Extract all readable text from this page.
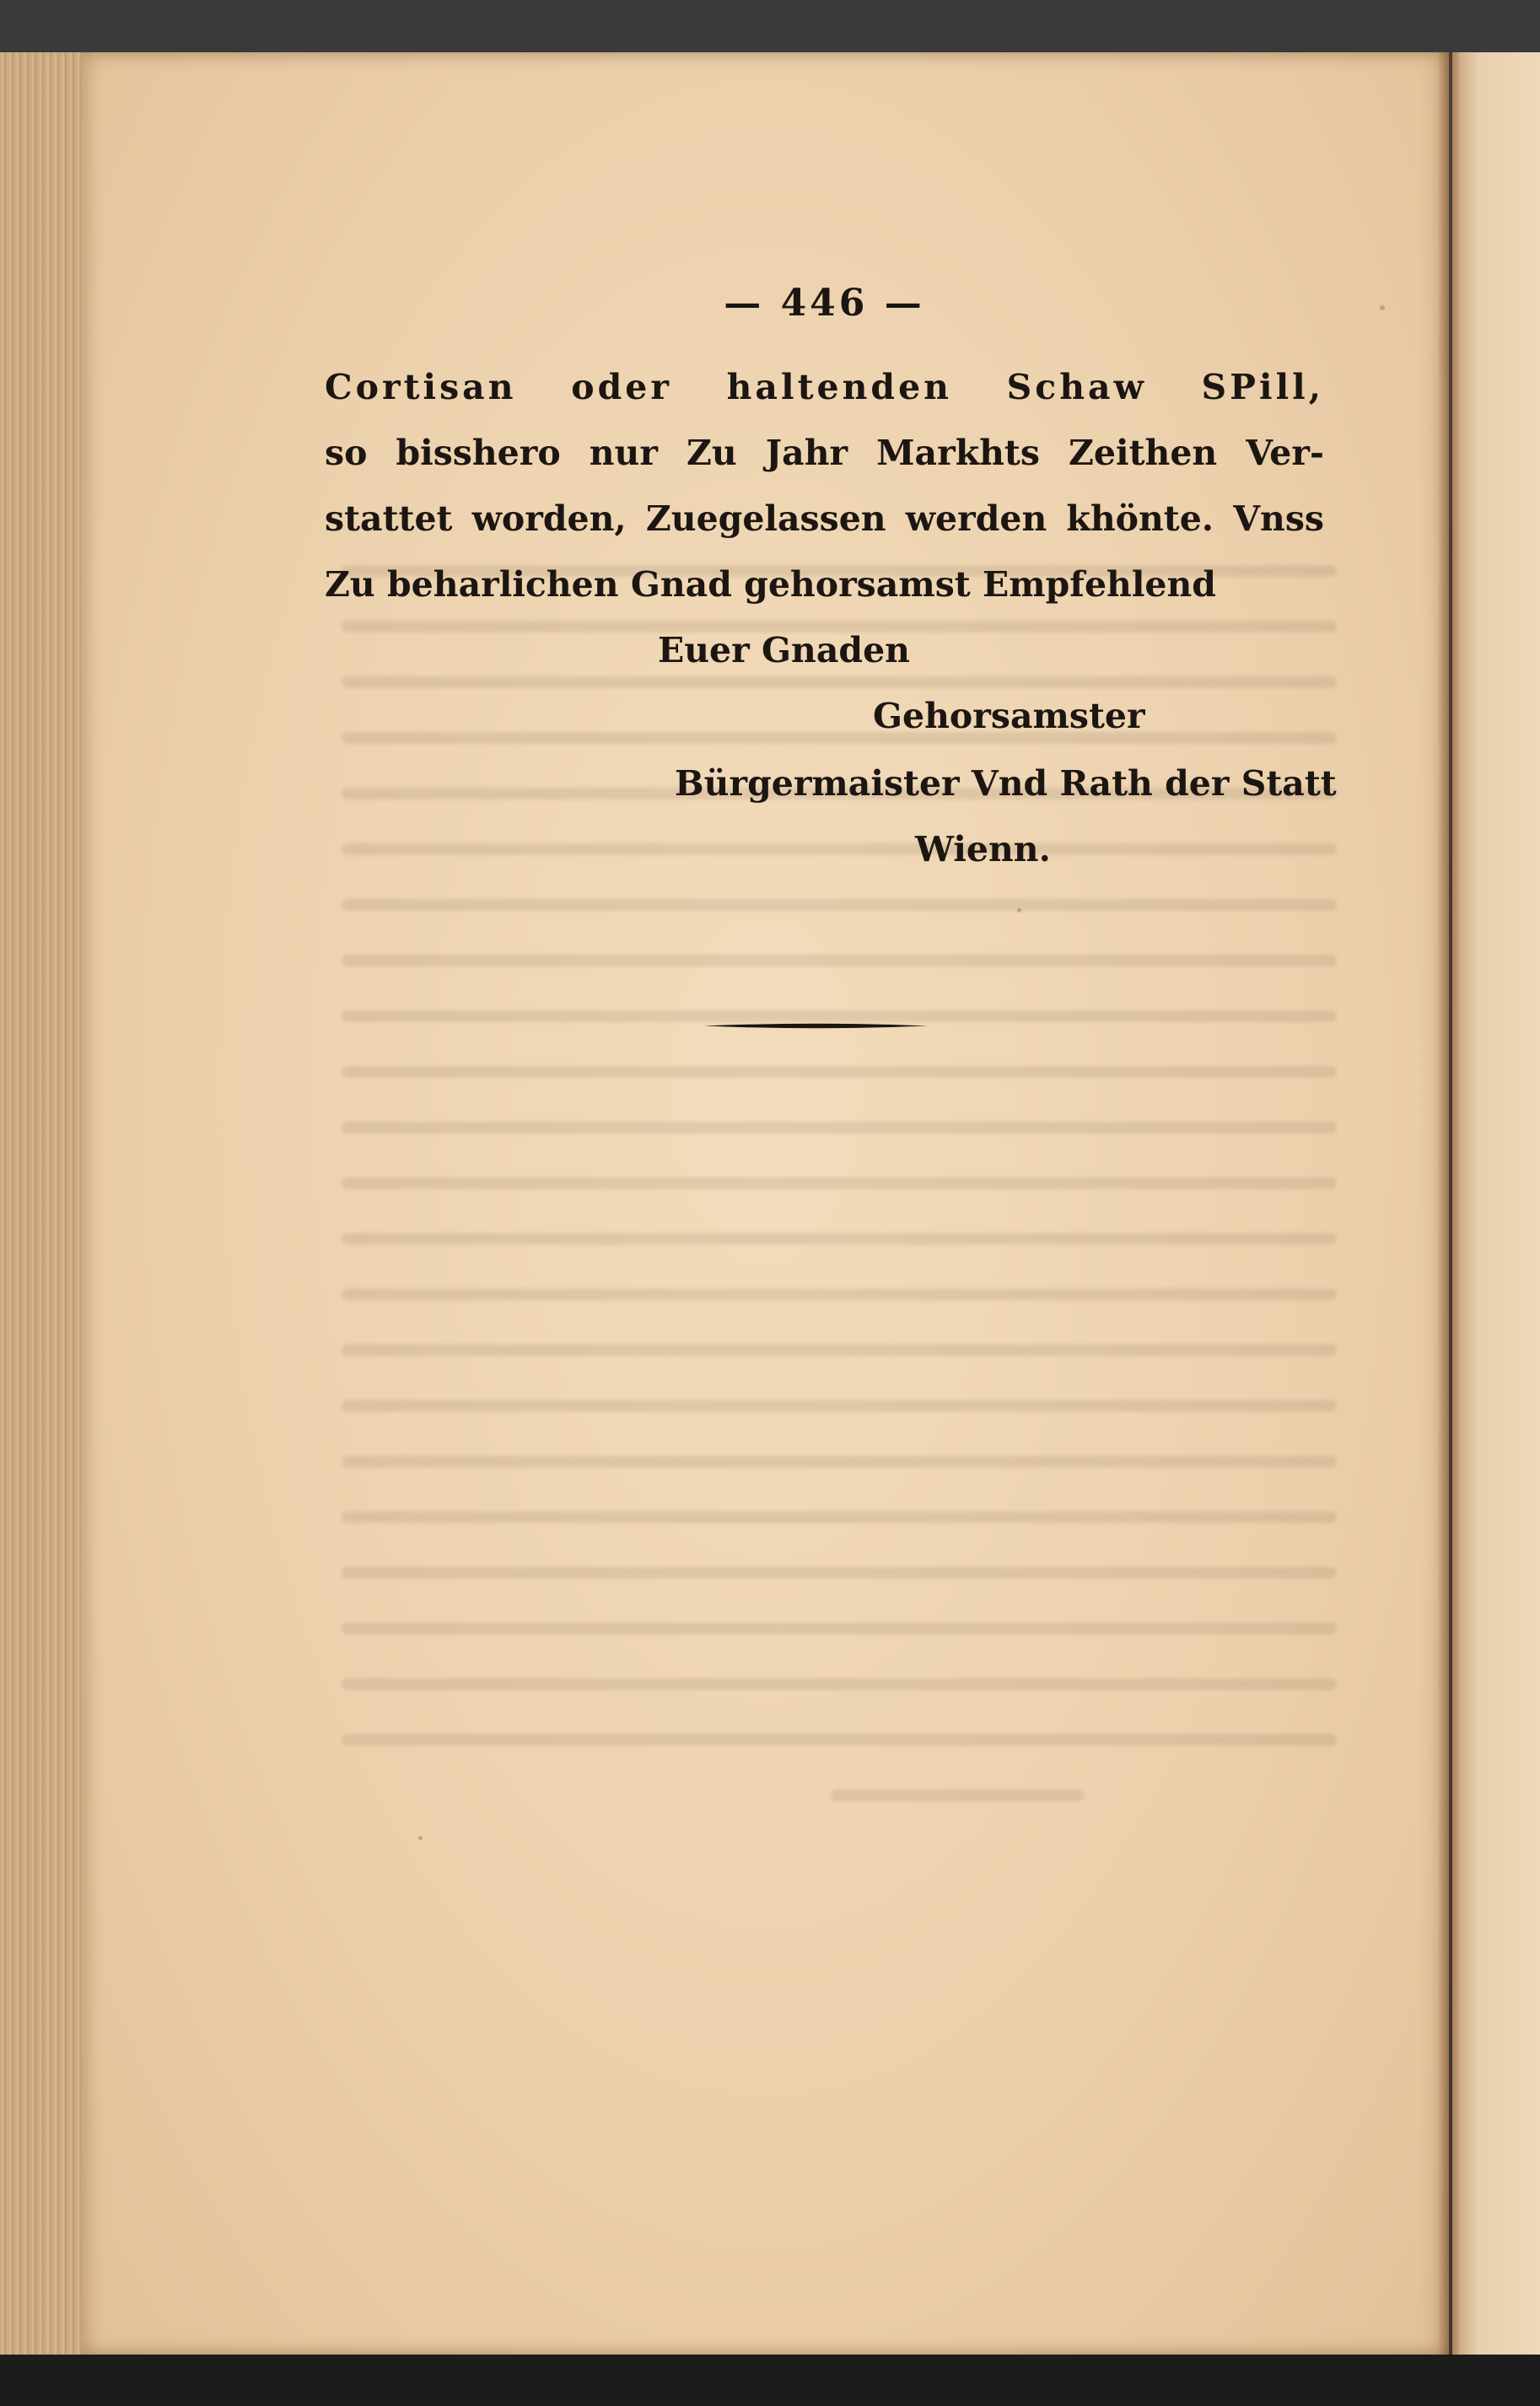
— 446 —
Cortisan oder haltenden Schaw SPill,
so bisshero nur Zu Jahr Markhts Zeithen Ver-
stattet worden, Zuegelassen werden khönte. Vnss
Zu beharlichen Gnad gehorsamst Empfehlend
Euer Gnaden
Gehorsamster
Bürgermaister Vnd Rath der Statt
Wienn.
